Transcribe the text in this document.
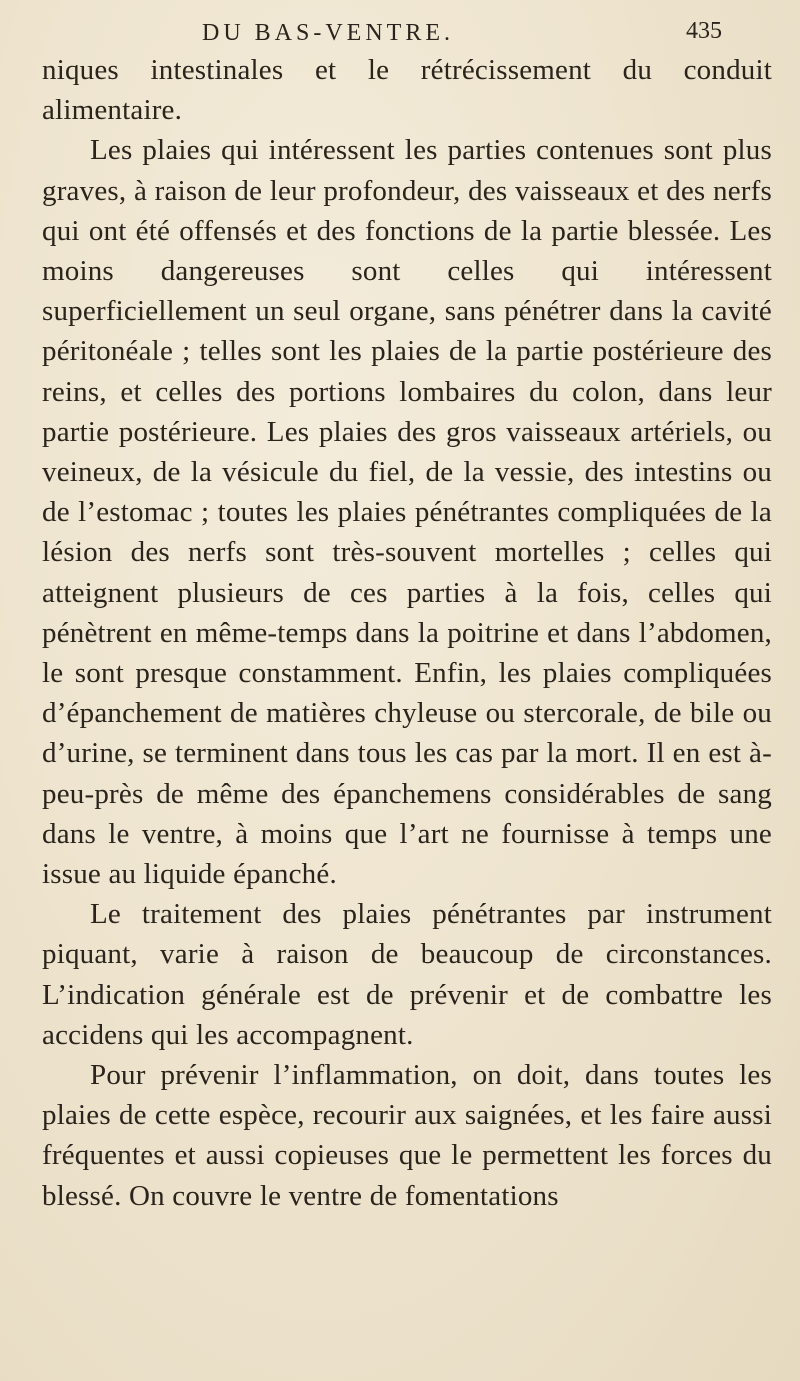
DU BAS-VENTRE.	435

niques intestinales et le rétrécissement du conduit alimentaire.

Les plaies qui intéressent les parties contenues sont plus graves, à raison de leur profondeur, des vaisseaux et des nerfs qui ont été offensés et des fonctions de la partie blessée. Les moins dangereuses sont celles qui intéressent superficiellement un seul organe, sans pénétrer dans la cavité péritonéale ; telles sont les plaies de la partie postérieure des reins, et celles des portions lombaires du colon, dans leur partie postérieure. Les plaies des gros vaisseaux artériels, ou veineux, de la vésicule du fiel, de la vessie, des intestins ou de l’estomac ; toutes les plaies pénétrantes compliquées de la lésion des nerfs sont très-souvent mortelles ; celles qui atteignent plusieurs de ces parties à la fois, celles qui pénètrent en même-temps dans la poitrine et dans l’abdomen, le sont presque constamment. Enfin, les plaies compliquées d’épanchement de matières chyleuse ou stercorale, de bile ou d’urine, se terminent dans tous les cas par la mort. Il en est à-peu-près de même des épanchemens considérables de sang dans le ventre, à moins que l’art ne fournisse à temps une issue au liquide épanché.

Le traitement des plaies pénétrantes par instrument piquant, varie à raison de beaucoup de circonstances. L’indication générale est de prévenir et de combattre les accidens qui les accompagnent.

Pour prévenir l’inflammation, on doit, dans toutes les plaies de cette espèce, recourir aux saignées, et les faire aussi fréquentes et aussi copieuses que le permettent les forces du blessé. On couvre le ventre de fomentations
